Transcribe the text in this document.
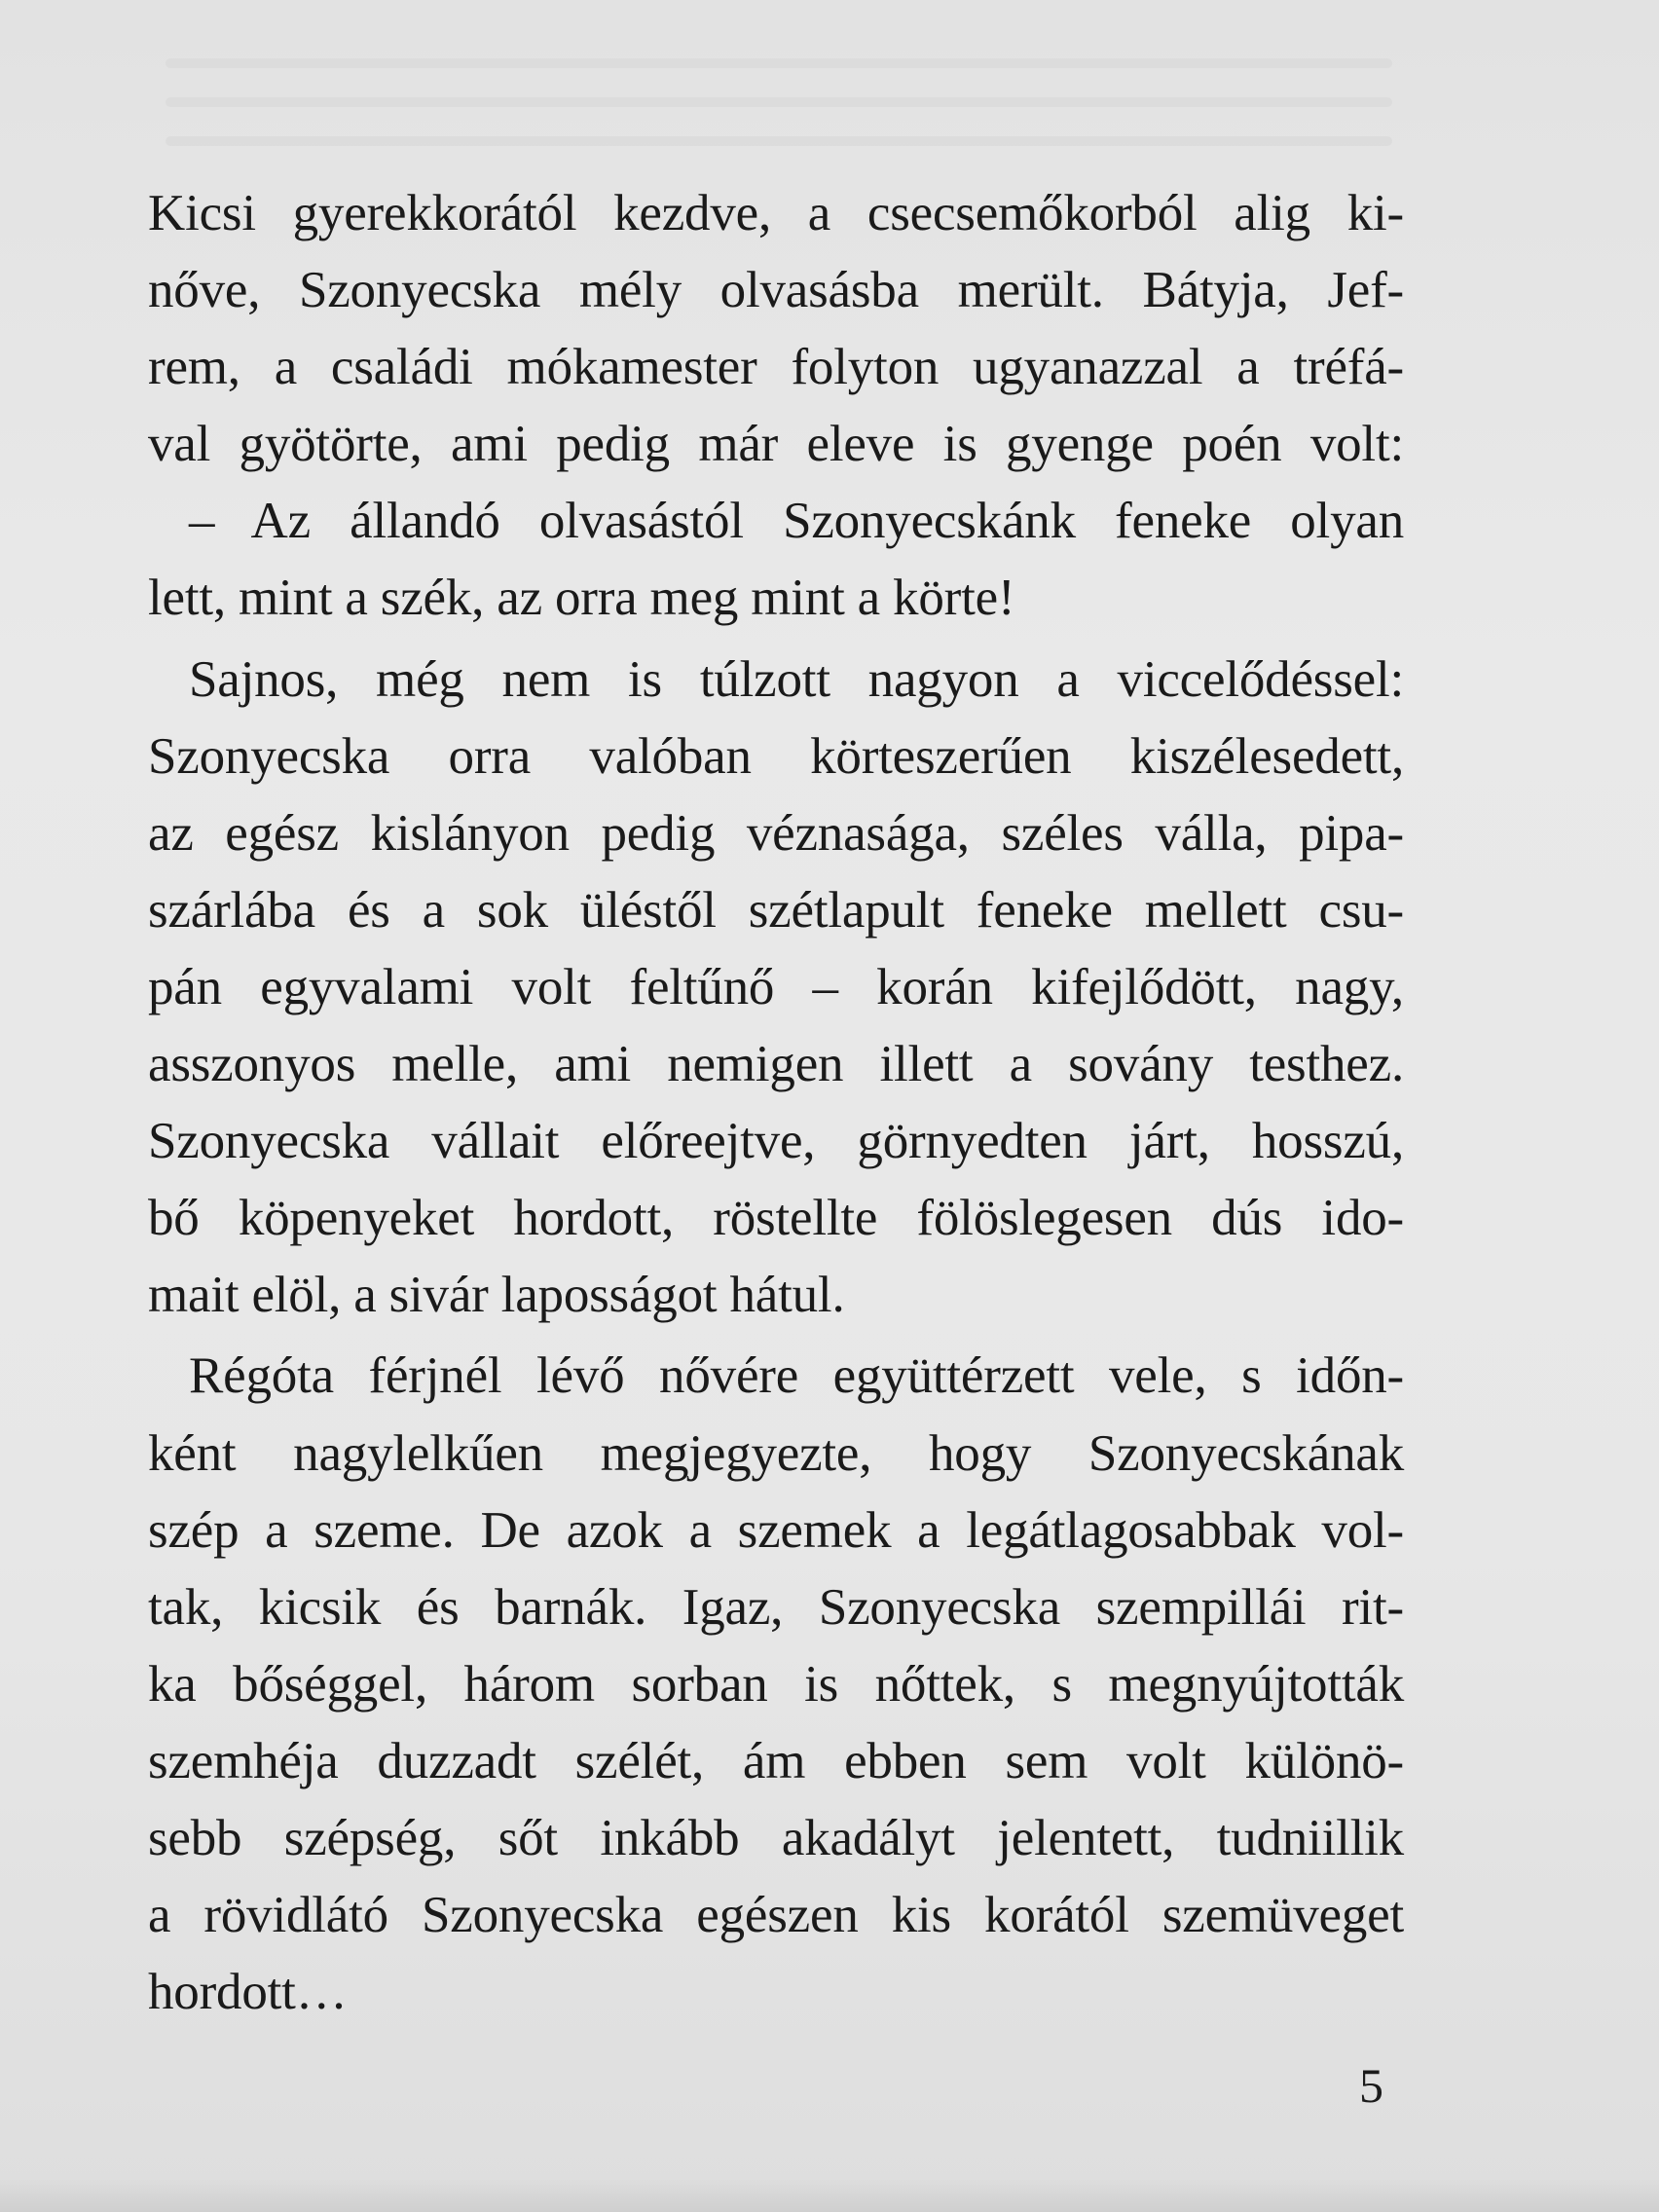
Kicsi gyerekkorától kezdve, a csecsemőkorból alig ki-
nőve, Szonyecska mély olvasásba merült. Bátyja, Jef-
rem, a családi mókamester folyton ugyanazzal a tréfá-
val gyötörte, ami pedig már eleve is gyenge poén volt:
– Az állandó olvasástól Szonyecskánk feneke olyan
lett, mint a szék, az orra meg mint a körte!
Sajnos, még nem is túlzott nagyon a viccelődéssel:
Szonyecska orra valóban körteszerűen kiszélesedett,
az egész kislányon pedig véznasága, széles válla, pipa-
szárlába és a sok üléstől szétlapult feneke mellett csu-
pán egyvalami volt feltűnő – korán kifejlődött, nagy,
asszonyos melle, ami nemigen illett a sovány testhez.
Szonyecska vállait előreejtve, görnyedten járt, hosszú,
bő köpenyeket hordott, röstellte fölöslegesen dús ido-
mait elöl, a sivár laposságot hátul.
Régóta férjnél lévő nővére együttérzett vele, s időn-
ként nagylelkűen megjegyezte, hogy Szonyecskának
szép a szeme. De azok a szemek a legátlagosabbak vol-
tak, kicsik és barnák. Igaz, Szonyecska szempillái rit-
ka bőséggel, három sorban is nőttek, s megnyújtották
szemhéja duzzadt szélét, ám ebben sem volt különö-
sebb szépség, sőt inkább akadályt jelentett, tudniillik
a rövidlátó Szonyecska egészen kis korától szemüveget
hordott…
5
